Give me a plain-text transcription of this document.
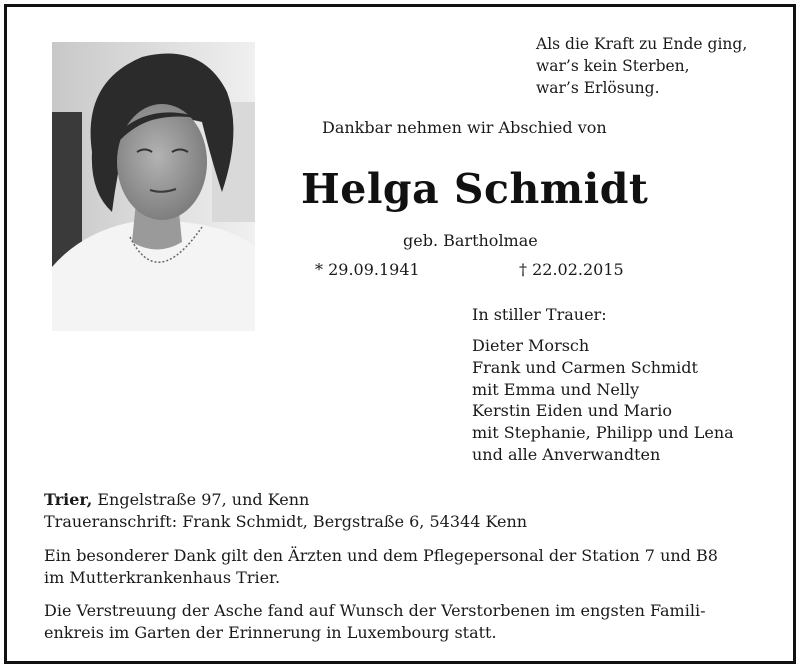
Als die Kraft zu Ende ging,
war’s kein Sterben,
war’s Erlösung.
Dankbar nehmen wir Abschied von
Helga Schmidt
geb. Bartholmae
* 29.09.1941	† 22.02.2015
In stiller Trauer:
Dieter Morsch
Frank und Carmen Schmidt
mit Emma und Nelly
Kerstin Eiden und Mario
mit Stephanie, Philipp und Lena
und alle Anverwandten
Trier, Engelstraße 97, und Kenn
Traueranschrift: Frank Schmidt, Bergstraße 6, 54344 Kenn
Ein besonderer Dank gilt den Ärzten und dem Pflegepersonal der Station 7 und B8
im Mutterkrankenhaus Trier.
Die Verstreuung der Asche fand auf Wunsch der Verstorbenen im engsten Famili-
enkreis im Garten der Erinnerung in Luxembourg statt.
